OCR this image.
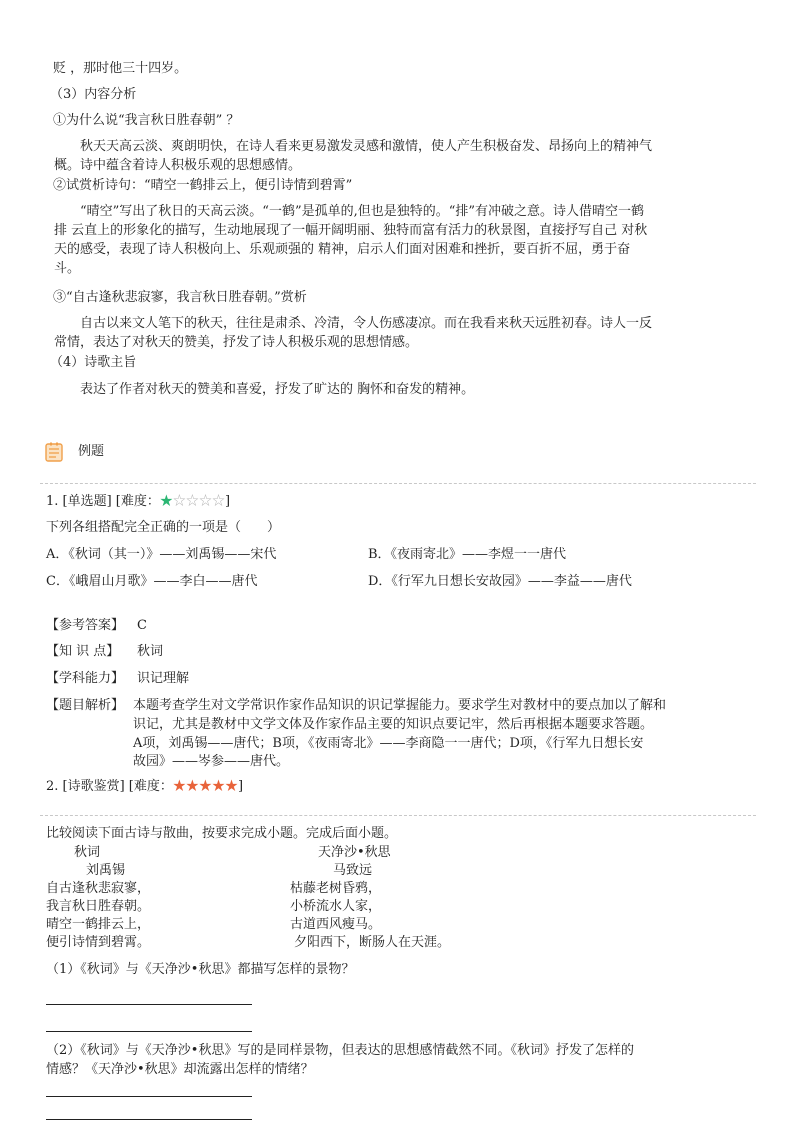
贬 ，那时他三十四岁。
（3）内容分析
①为什么说“我言秋日胜春朝” ？
秋天天高云淡、爽朗明快，在诗人看来更易激发灵感和激情，使人产生积极奋发、昂扬向上的精神气
概。诗中蕴含着诗人积极乐观的思想感情。
②试赏析诗句：“晴空一鹤排云上，便引诗情到碧霄”
“晴空”写出了秋日的天高云淡。“一鹤”是孤单的,但也是独特的。“排”有冲破之意。诗人借晴空一鹤
排 云直上的形象化的描写，生动地展现了一幅开阔明丽、独特而富有活力的秋景图，直接抒写自己 对秋
天的感受，表现了诗人积极向上、乐观顽强的 精神，启示人们面对困难和挫折，要百折不屈，勇于奋
斗。
③“自古逢秋悲寂寥，我言秋日胜春朝。”赏析
自古以来文人笔下的秋天，往往是肃杀、冷清，令人伤感凄凉。而在我看来秋天远胜初春。诗人一反
常情，表达了对秋天的赞美，抒发了诗人积极乐观的思想情感。
（4）诗歌主旨
表达了作者对秋天的赞美和喜爱，抒发了旷达的 胸怀和奋发的精神。
例题
1. [单选题] [难度：★☆☆☆☆]
下列各组搭配完全正确的一项是（　　）
A．《秋词（其一）》——刘禹锡——宋代	B．《夜雨寄北》——李煜一一唐代
C．《峨眉山月歌》——李白——唐代	D．《行军九日想长安故园》——李益——唐代
【参考答案】 C
【知 识 点】 秋词
【学科能力】 识记理解
【题目解析】 本题考查学生对文学常识作家作品知识的识记掌握能力。要求学生对教材中的要点加以了解和
识记，尤其是教材中文学文体及作家作品主要的知识点要记牢，然后再根据本题要求答题。
A项，刘禹锡——唐代；B项，《夜雨寄北》——李商隐一一唐代；D项，《行军九日想长安
故园》——岑参——唐代。
2. [诗歌鉴赏] [难度：★★★★★]
比较阅读下面古诗与散曲，按要求完成小题。完成后面小题。
秋词
刘禹锡
自古逢秋悲寂寥，
我言秋日胜春朝。
晴空一鹤排云上，
便引诗情到碧霄。
天净沙•秋思
马致远
枯藤老树昏鸦，
小桥流水人家，
古道西风瘦马。
夕阳西下，断肠人在天涯。
（1）《秋词》与《天净沙•秋思》都描写怎样的景物？
（2）《秋词》与《天净沙•秋思》写的是同样景物，但表达的思想感情截然不同。《秋词》抒发了怎样的
情感？《天净沙•秋思》却流露出怎样的情绪？
